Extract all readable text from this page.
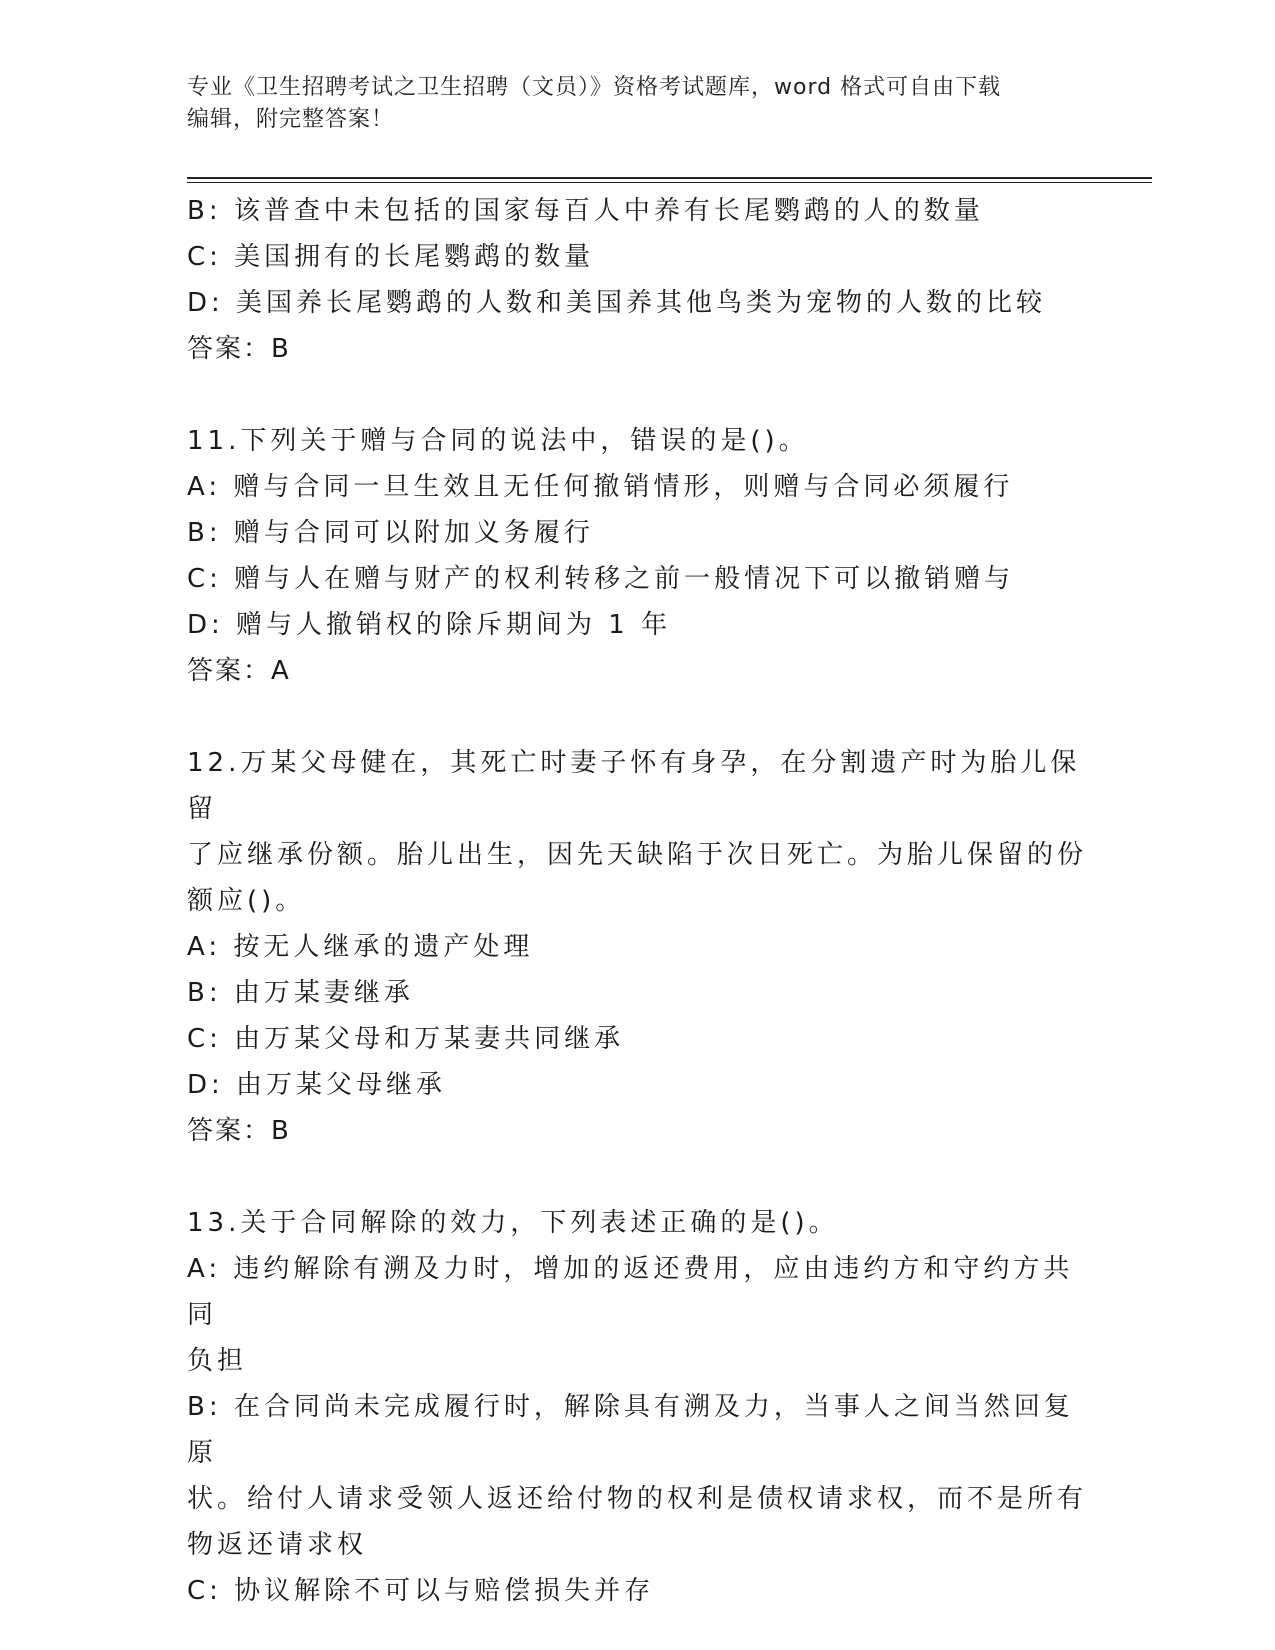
专业《卫生招聘考试之卫生招聘（文员）》资格考试题库，word 格式可自由下载
编辑，附完整答案！
B: 该普查中未包括的国家每百人中养有长尾鹦鹉的人的数量
C: 美国拥有的长尾鹦鹉的数量
D: 美国养长尾鹦鹉的人数和美国养其他鸟类为宠物的人数的比较
答案：B
11.下列关于赠与合同的说法中，错误的是()。
A: 赠与合同一旦生效且无任何撤销情形，则赠与合同必须履行
B: 赠与合同可以附加义务履行
C: 赠与人在赠与财产的权利转移之前一般情况下可以撤销赠与
D: 赠与人撤销权的除斥期间为 1 年
答案：A
12.万某父母健在，其死亡时妻子怀有身孕，在分割遗产时为胎儿保留
了应继承份额。胎儿出生，因先天缺陷于次日死亡。为胎儿保留的份
额应()。
A: 按无人继承的遗产处理
B: 由万某妻继承
C: 由万某父母和万某妻共同继承
D: 由万某父母继承
答案：B
13.关于合同解除的效力，下列表述正确的是()。
A: 违约解除有溯及力时，增加的返还费用，应由违约方和守约方共同
负担
B: 在合同尚未完成履行时，解除具有溯及力，当事人之间当然回复原
状。给付人请求受领人返还给付物的权利是债权请求权，而不是所有
物返还请求权
C: 协议解除不可以与赔偿损失并存
